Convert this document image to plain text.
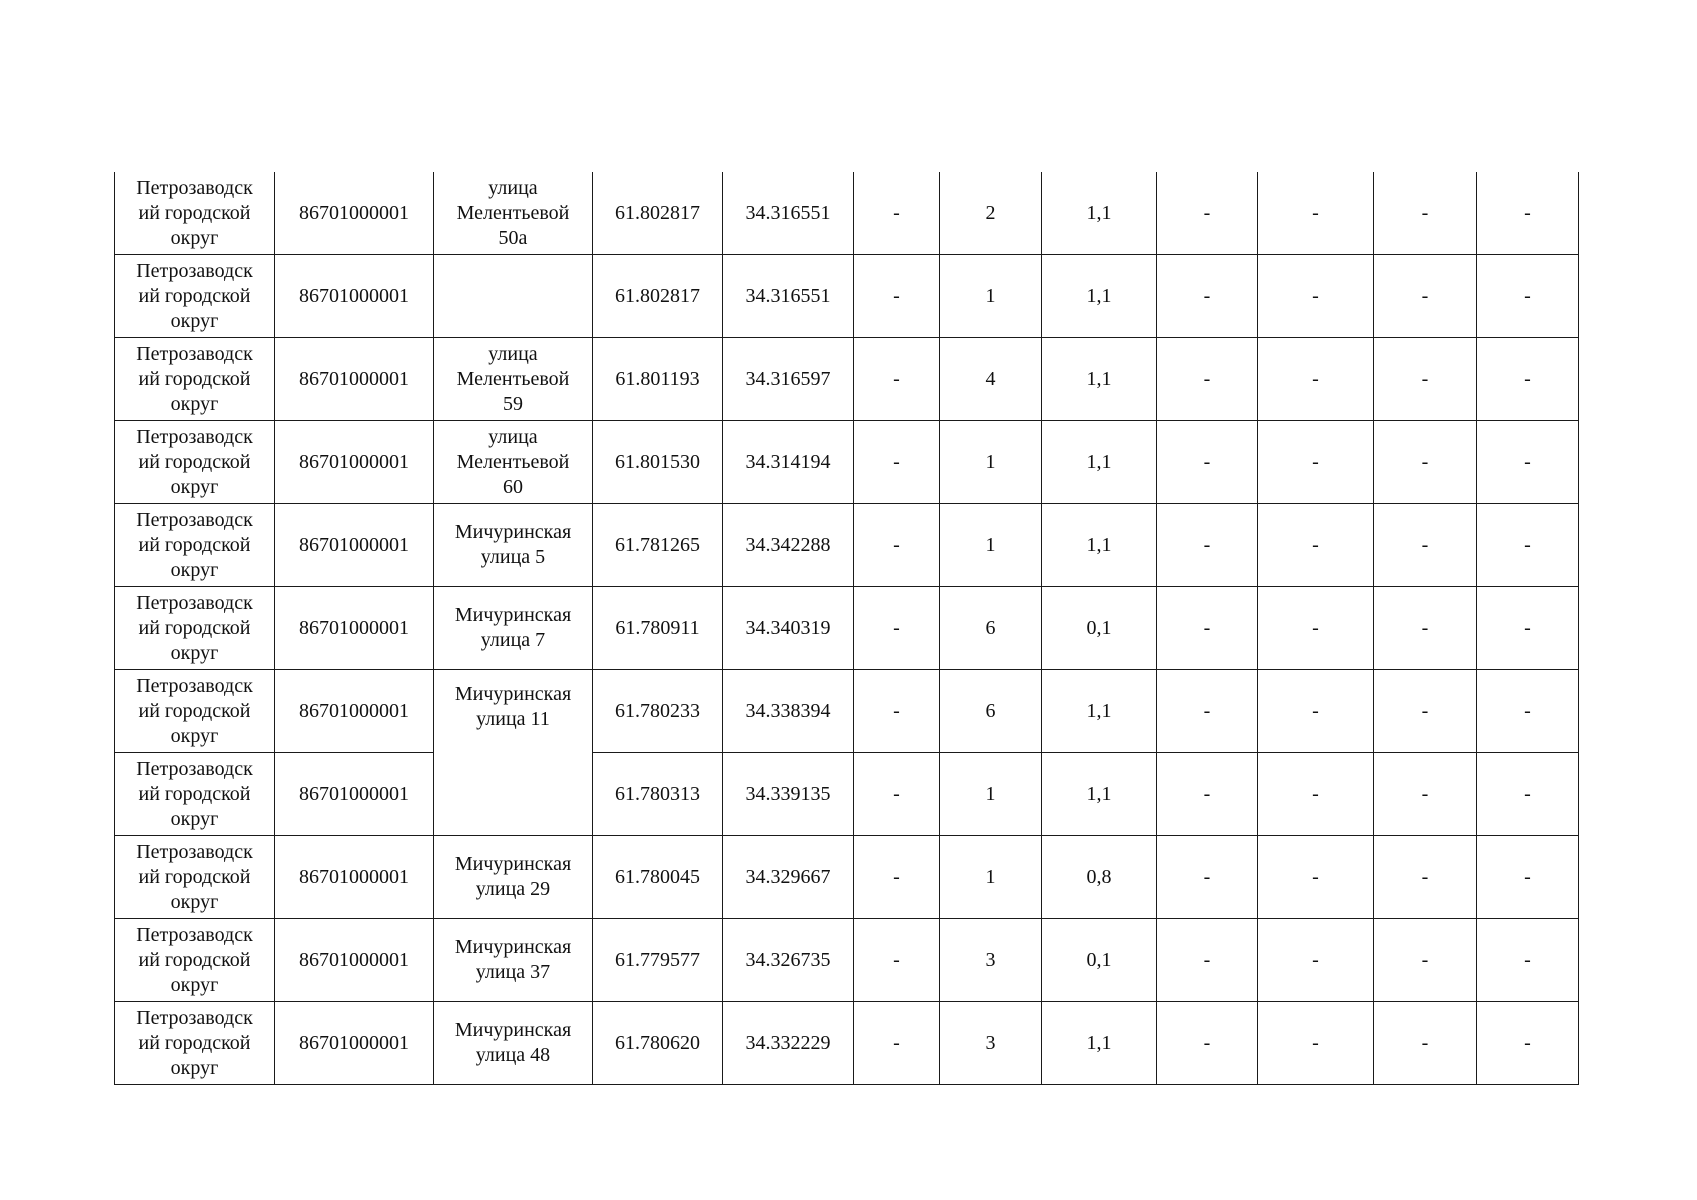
Петрозаводск
ий городской
округ	86701000001	улица
Мелентьевой
50а	61.802817	34.316551	-	2	1,1	-	-	-	-

Петрозаводск
ий городской
округ	86701000001		61.802817	34.316551	-	1	1,1	-	-	-	-

Петрозаводск
ий городской
округ	86701000001	улица
Мелентьевой
59	61.801193	34.316597	-	4	1,1	-	-	-	-

Петрозаводск
ий городской
округ	86701000001	улица
Мелентьевой
60	61.801530	34.314194	-	1	1,1	-	-	-	-

Петрозаводск
ий городской
округ	86701000001	Мичуринская
улица 5	61.781265	34.342288	-	1	1,1	-	-	-	-

Петрозаводск
ий городской
округ	86701000001	Мичуринская
улица 7	61.780911	34.340319	-	6	0,1	-	-	-	-

Петрозаводск
ий городской
округ	86701000001	Мичуринская
улица 11	61.780233	34.338394	-	6	1,1	-	-	-	-

Петрозаводск
ий городской
округ	86701000001		61.780313	34.339135	-	1	1,1	-	-	-	-

Петрозаводск
ий городской
округ	86701000001	Мичуринская
улица 29	61.780045	34.329667	-	1	0,8	-	-	-	-

Петрозаводск
ий городской
округ	86701000001	Мичуринская
улица 37	61.779577	34.326735	-	3	0,1	-	-	-	-

Петрозаводск
ий городской
округ	86701000001	Мичуринская
улица 48	61.780620	34.332229	-	3	1,1	-	-	-	-
